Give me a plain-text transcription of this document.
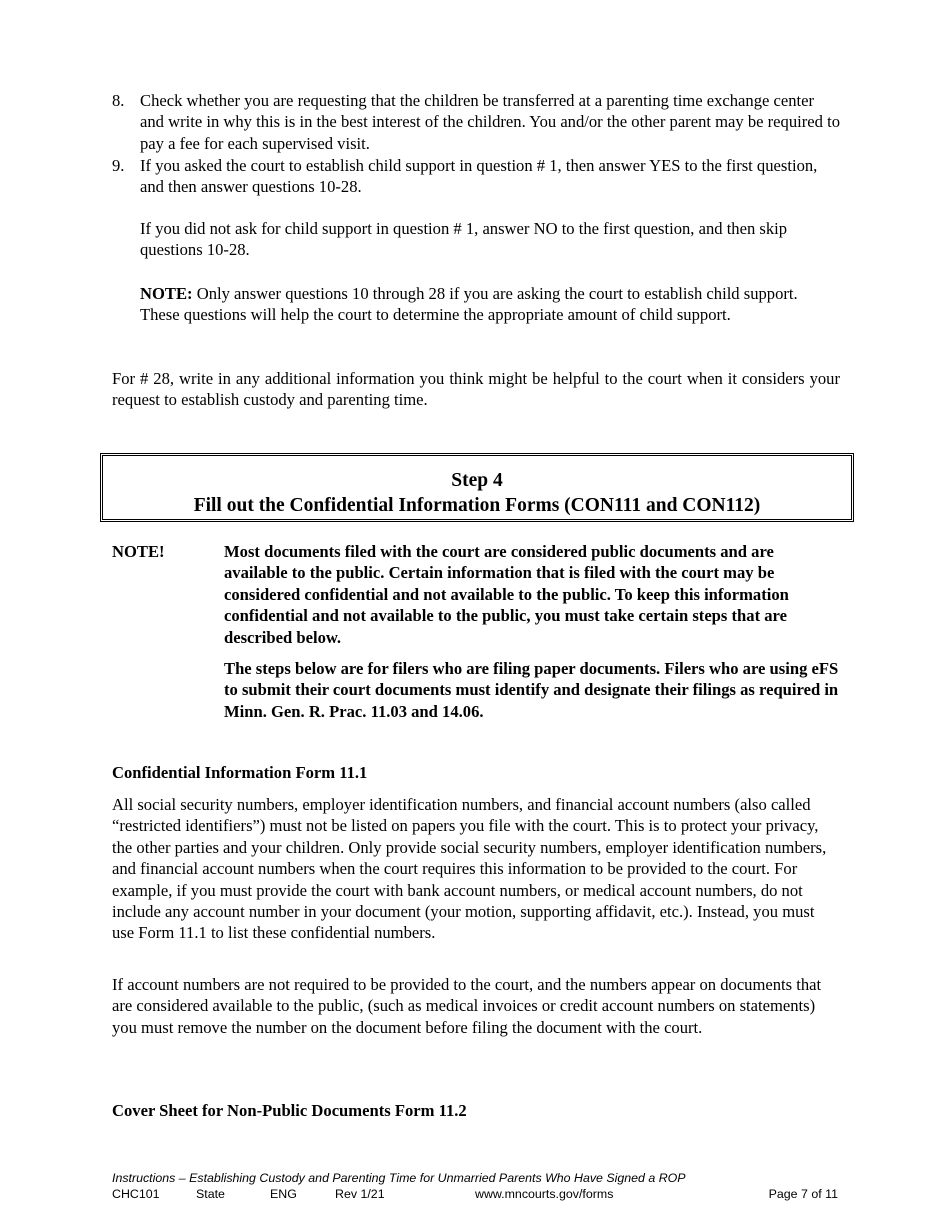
8. Check whether you are requesting that the children be transferred at a parenting time exchange center and write in why this is in the best interest of the children. You and/or the other parent may be required to pay a fee for each supervised visit.
9. If you asked the court to establish child support in question # 1, then answer YES to the first question, and then answer questions 10-28.
If you did not ask for child support in question # 1, answer NO to the first question, and then skip questions 10-28.
NOTE: Only answer questions 10 through 28 if you are asking the court to establish child support. These questions will help the court to determine the appropriate amount of child support.
For # 28, write in any additional information you think might be helpful to the court when it considers your request to establish custody and parenting time.
Step 4
Fill out the Confidential Information Forms (CON111 and CON112)
NOTE!	Most documents filed with the court are considered public documents and are available to the public. Certain information that is filed with the court may be considered confidential and not available to the public. To keep this information confidential and not available to the public, you must take certain steps that are described below.
The steps below are for filers who are filing paper documents. Filers who are using eFS to submit their court documents must identify and designate their filings as required in Minn. Gen. R. Prac. 11.03 and 14.06.
Confidential Information Form 11.1
All social security numbers, employer identification numbers, and financial account numbers (also called “restricted identifiers”) must not be listed on papers you file with the court. This is to protect your privacy, the other parties and your children. Only provide social security numbers, employer identification numbers, and financial account numbers when the court requires this information to be provided to the court. For example, if you must provide the court with bank account numbers, or medical account numbers, do not include any account number in your document (your motion, supporting affidavit, etc.). Instead, you must use Form 11.1 to list these confidential numbers.
If account numbers are not required to be provided to the court, and the numbers appear on documents that are considered available to the public, (such as medical invoices or credit account numbers on statements) you must remove the number on the document before filing the document with the court.
Cover Sheet for Non-Public Documents Form 11.2
Instructions – Establishing Custody and Parenting Time for Unmarried Parents Who Have Signed a ROP
CHC101	State	ENG	Rev 1/21	www.mncourts.gov/forms	Page 7 of 11
